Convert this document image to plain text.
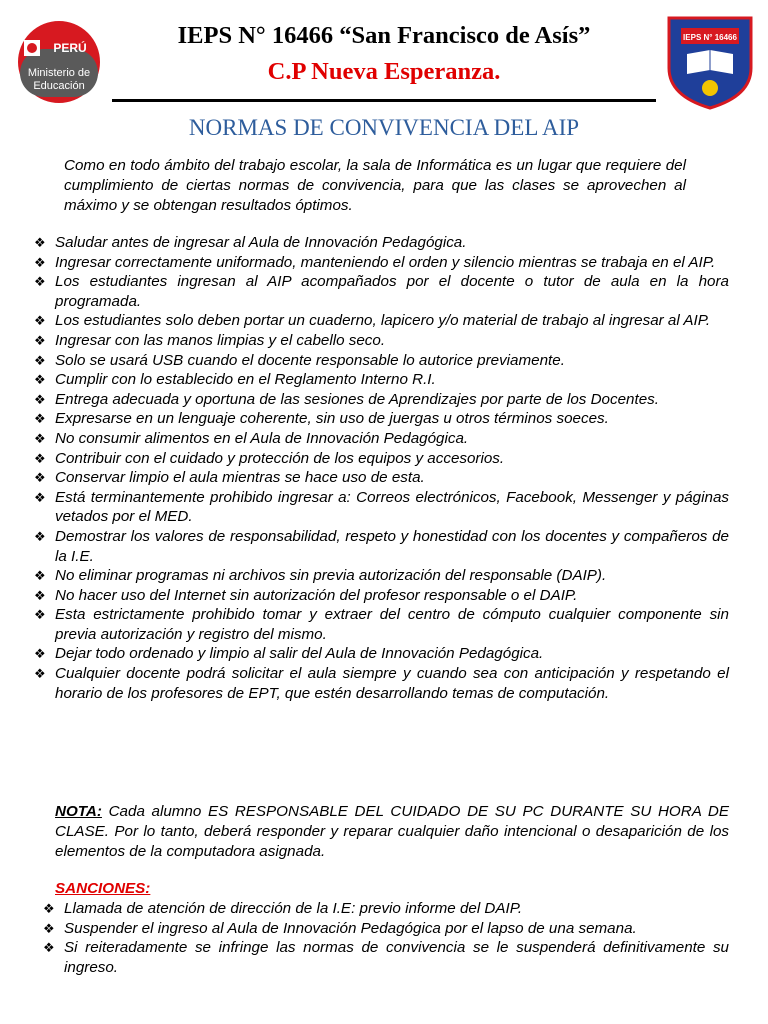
PERÚ
Ministerio de
Educación
IEPS N° 16466
IEPS N° 16466 “San Francisco de Asís”
C.P Nueva Esperanza.
NORMAS DE CONVIVENCIA DEL AIP

Como en todo ámbito del trabajo escolar, la sala de Informática es un lugar que requiere del cumplimiento de ciertas normas de convivencia, para que las clases se aprovechen al máximo y se obtengan resultados óptimos.

❖ Saludar antes de ingresar al Aula de Innovación Pedagógica.
❖ Ingresar correctamente uniformado, manteniendo el orden y silencio mientras se trabaja en el AIP.
❖ Los estudiantes ingresan al AIP acompañados por el docente o tutor de aula en la hora programada.
❖ Los estudiantes solo deben portar un cuaderno, lapicero y/o material de trabajo al ingresar al AIP.
❖ Ingresar con las manos limpias y el cabello seco.
❖ Solo se usará USB cuando el docente responsable lo autorice previamente.
❖ Cumplir con lo establecido en el Reglamento Interno R.I.
❖ Entrega adecuada y oportuna de las sesiones de Aprendizajes por parte de los Docentes.
❖ Expresarse en un lenguaje coherente, sin uso de juergas u otros términos soeces.
❖ No consumir alimentos en el Aula de Innovación Pedagógica.
❖ Contribuir con el cuidado y protección de los equipos y accesorios.
❖ Conservar limpio el aula mientras se hace uso de esta.
❖ Está terminantemente prohibido ingresar a: Correos electrónicos, Facebook, Messenger y páginas vetados por el MED.
❖ Demostrar los valores de responsabilidad, respeto y honestidad con los docentes y compañeros de la I.E.
❖ No eliminar programas ni archivos sin previa autorización del responsable (DAIP).
❖ No hacer uso del Internet sin autorización del profesor responsable o el DAIP.
❖ Esta estrictamente prohibido tomar y extraer del centro de cómputo cualquier componente sin previa autorización y registro del mismo.
❖ Dejar todo ordenado y limpio al salir del Aula de Innovación Pedagógica.
❖ Cualquier docente podrá solicitar el aula siempre y cuando sea con anticipación y respetando el horario de los profesores de EPT, que estén desarrollando temas de computación.

NOTA: Cada alumno ES RESPONSABLE DEL CUIDADO DE SU PC DURANTE SU HORA DE CLASE. Por lo tanto, deberá responder y reparar cualquier daño intencional o desaparición de los elementos de la computadora asignada.

SANCIONES:

❖ Llamada de atención de dirección de la I.E: previo informe del DAIP.
❖ Suspender el ingreso al Aula de Innovación Pedagógica por el lapso de una semana.
❖ Si reiteradamente se infringe las normas de convivencia se le suspenderá definitivamente su ingreso.
